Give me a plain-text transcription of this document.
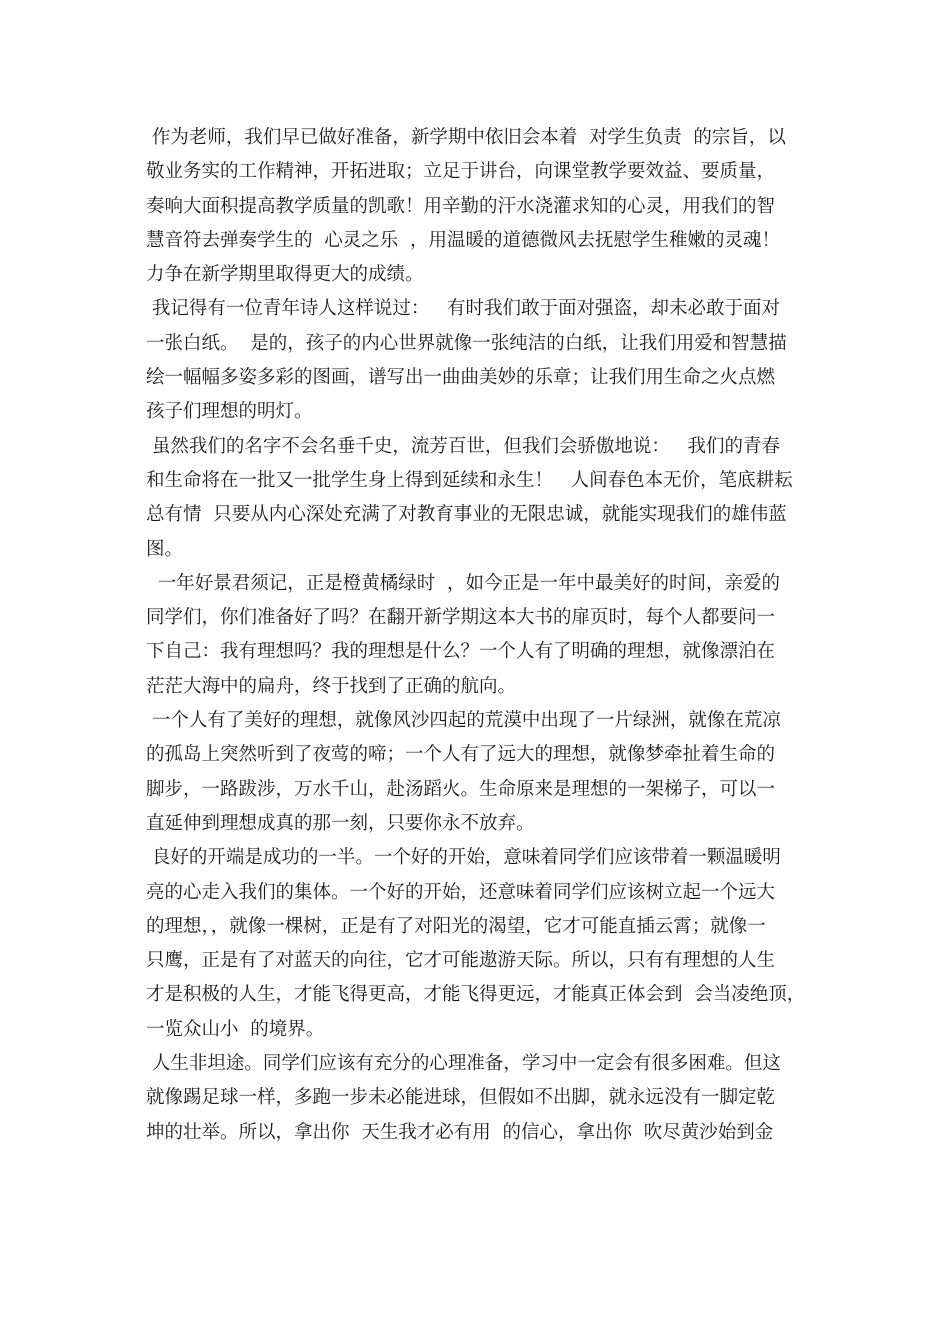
作为老师，我们早已做好准备，新学期中依旧会本着  对学生负责  的宗旨，以
敬业务实的工作精神，开拓进取；立足于讲台，向课堂教学要效益、要质量，
奏响大面积提高教学质量的凯歌！用辛勤的汗水浇灌求知的心灵，用我们的智
慧音符去弹奏学生的  心灵之乐  ，用温暖的道德微风去抚慰学生稚嫩的灵魂！
力争在新学期里取得更大的成绩。
我记得有一位青年诗人这样说过：   有时我们敢于面对强盗，却未必敢于面对
一张白纸。  是的，孩子的内心世界就像一张纯洁的白纸，让我们用爱和智慧描
绘一幅幅多姿多彩的图画，谱写出一曲曲美妙的乐章；让我们用生命之火点燃
孩子们理想的明灯。
虽然我们的名字不会名垂千史，流芳百世，但我们会骄傲地说：   我们的青春
和生命将在一批又一批学生身上得到延续和永生！   人间春色本无价，笔底耕耘
总有情  只要从内心深处充满了对教育事业的无限忠诚，就能实现我们的雄伟蓝
图。
一年好景君须记，正是橙黄橘绿时  ，如今正是一年中最美好的时间，亲爱的
同学们，你们准备好了吗？在翻开新学期这本大书的扉页时，每个人都要问一
下自己：我有理想吗？我的理想是什么？一个人有了明确的理想，就像漂泊在
茫茫大海中的扁舟，终于找到了正确的航向。
一个人有了美好的理想，就像风沙四起的荒漠中出现了一片绿洲，就像在荒凉
的孤岛上突然听到了夜莺的啼；一个人有了远大的理想，就像梦牵扯着生命的
脚步，一路跋涉，万水千山，赴汤蹈火。生命原来是理想的一架梯子，可以一
直延伸到理想成真的那一刻，只要你永不放弃。
良好的开端是成功的一半。一个好的开始，意味着同学们应该带着一颗温暖明
亮的心走入我们的集体。一个好的开始，还意味着同学们应该树立起一个远大
的理想，，就像一棵树，正是有了对阳光的渴望，它才可能直插云霄；就像一
只鹰，正是有了对蓝天的向往，它才可能遨游天际。所以，只有有理想的人生
才是积极的人生，才能飞得更高，才能飞得更远，才能真正体会到  会当凌绝顶，
一览众山小  的境界。
人生非坦途。同学们应该有充分的心理准备，学习中一定会有很多困难。但这
就像踢足球一样，多跑一步未必能进球，但假如不出脚，就永远没有一脚定乾
坤的壮举。所以，拿出你  天生我才必有用  的信心，拿出你  吹尽黄沙始到金
